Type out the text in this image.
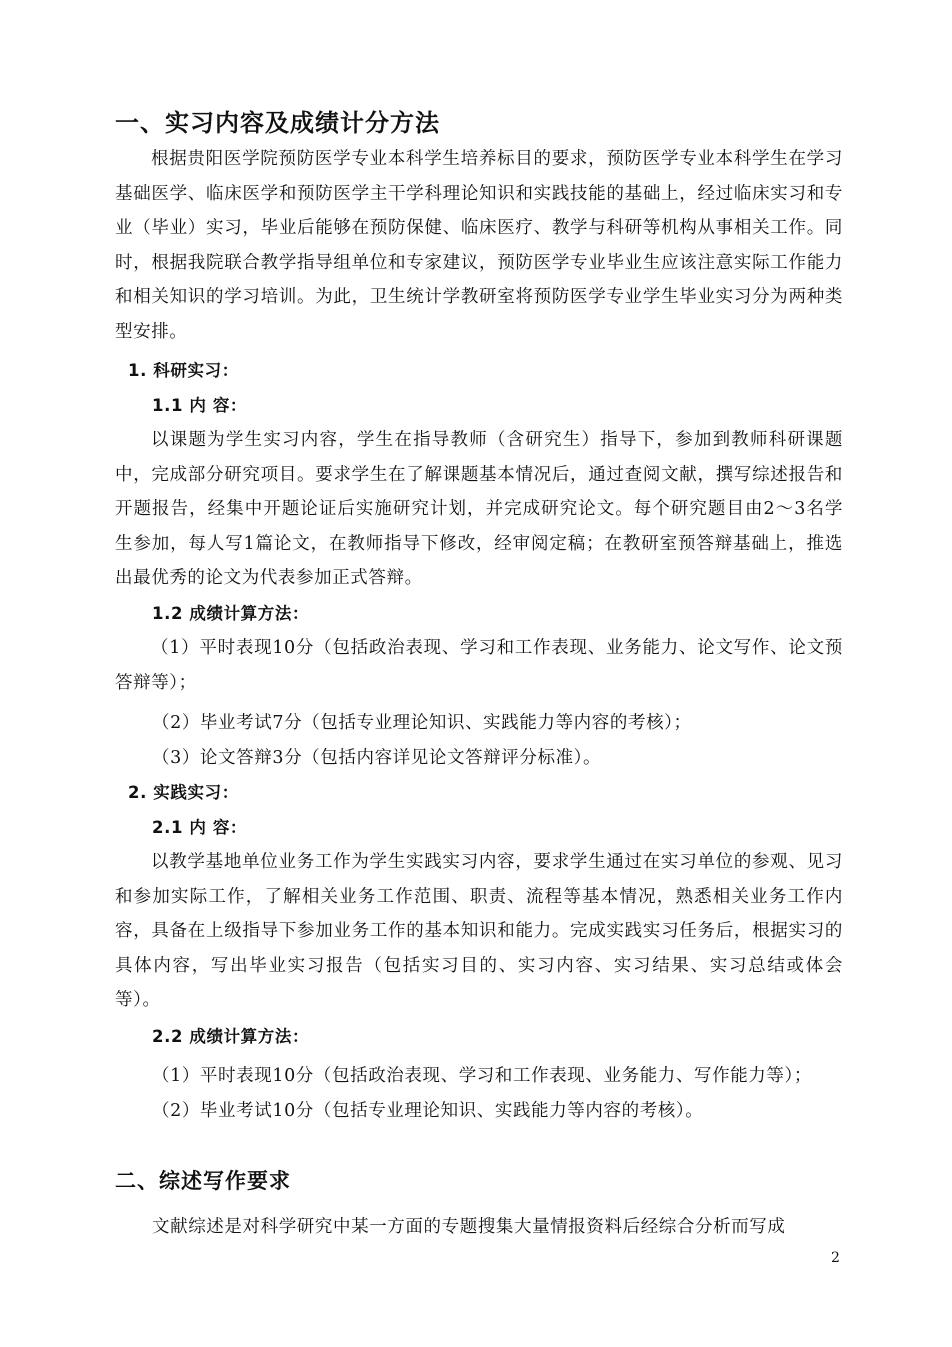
一、实习内容及成绩计分方法
根据贵阳医学院预防医学专业本科学生培养标目的要求，预防医学专业本科学生在学习基础医学、临床医学和预防医学主干学科理论知识和实践技能的基础上，经过临床实习和专业（毕业）实习，毕业后能够在预防保健、临床医疗、教学与科研等机构从事相关工作。同时，根据我院联合教学指导组单位和专家建议，预防医学专业毕业生应该注意实际工作能力和相关知识的学习培训。为此，卫生统计学教研室将预防医学专业学生毕业实习分为两种类型安排。
1. 科研实习：
1.1 内 容：
以课题为学生实习内容，学生在指导教师（含研究生）指导下，参加到教师科研课题中，完成部分研究项目。要求学生在了解课题基本情况后，通过查阅文献，撰写综述报告和开题报告，经集中开题论证后实施研究计划，并完成研究论文。每个研究题目由2～3名学生参加，每人写1篇论文，在教师指导下修改，经审阅定稿；在教研室预答辩基础上，推选出最优秀的论文为代表参加正式答辩。
1.2 成绩计算方法：
（1）平时表现10分（包括政治表现、学习和工作表现、业务能力、论文写作、论文预答辩等）；
（2）毕业考试7分（包括专业理论知识、实践能力等内容的考核）；
（3）论文答辩3分（包括内容详见论文答辩评分标准）。
2. 实践实习：
2.1 内 容：
以教学基地单位业务工作为学生实践实习内容，要求学生通过在实习单位的参观、见习和参加实际工作，了解相关业务工作范围、职责、流程等基本情况，熟悉相关业务工作内容，具备在上级指导下参加业务工作的基本知识和能力。完成实践实习任务后，根据实习的具体内容，写出毕业实习报告（包括实习目的、实习内容、实习结果、实习总结或体会等）。
2.2 成绩计算方法：
（1）平时表现10分（包括政治表现、学习和工作表现、业务能力、写作能力等）；
（2）毕业考试10分（包括专业理论知识、实践能力等内容的考核）。
二、综述写作要求
文献综述是对科学研究中某一方面的专题搜集大量情报资料后经综合分析而写成
2
